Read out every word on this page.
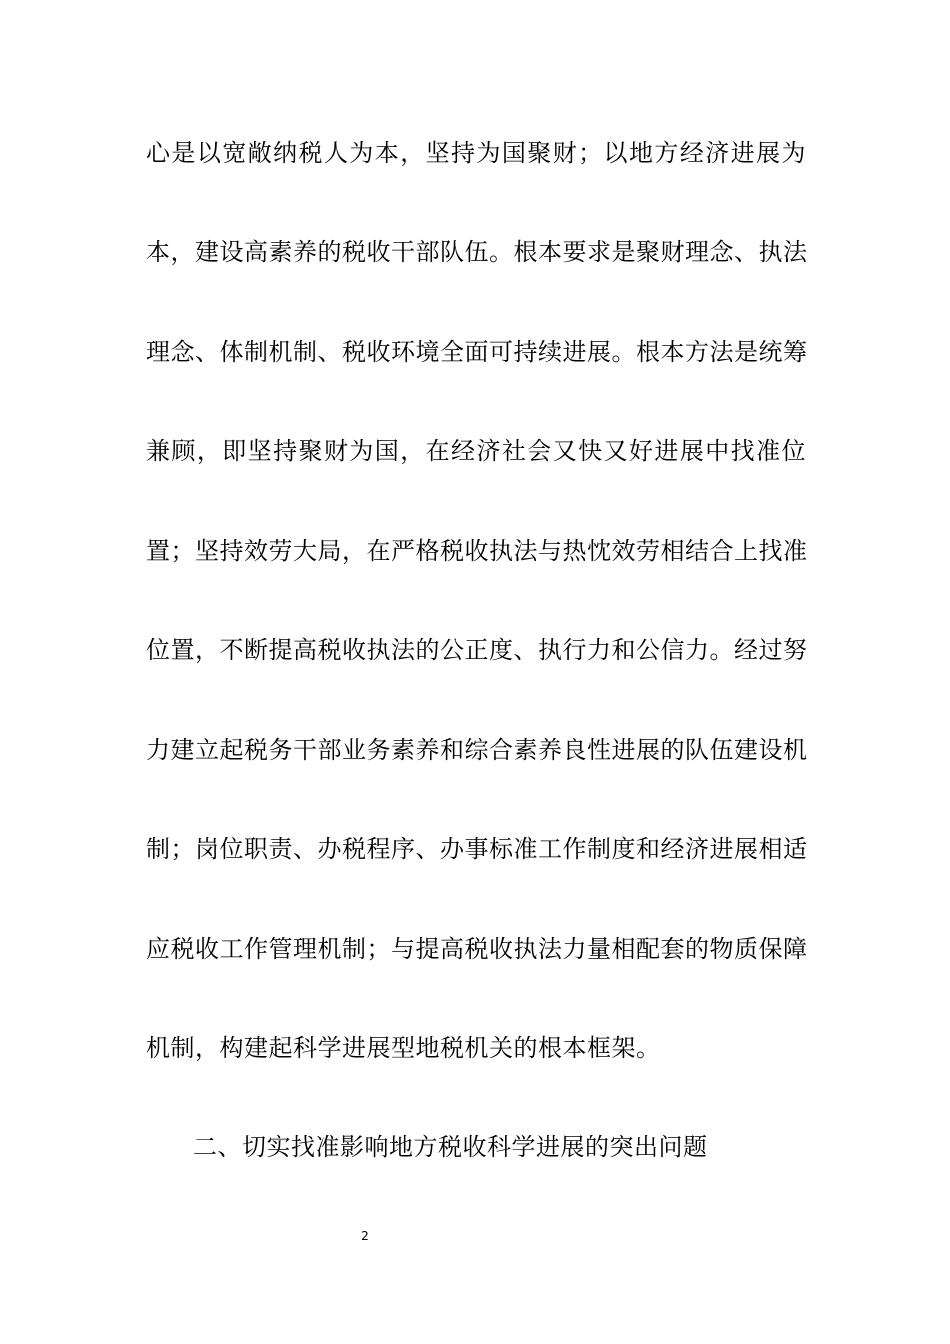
心是以宽敞纳税人为本，坚持为国聚财；以地方经济进展为
本，建设高素养的税收干部队伍。根本要求是聚财理念、执法
理念、体制机制、税收环境全面可持续进展。根本方法是统筹
兼顾，即坚持聚财为国，在经济社会又快又好进展中找准位
置；坚持效劳大局，在严格税收执法与热忱效劳相结合上找准
位置，不断提高税收执法的公正度、执行力和公信力。经过努
力建立起税务干部业务素养和综合素养良性进展的队伍建设机
制；岗位职责、办税程序、办事标准工作制度和经济进展相适
应税收工作管理机制；与提高税收执法力量相配套的物质保障
机制，构建起科学进展型地税机关的根本框架。
二、切实找准影响地方税收科学进展的突出问题
2
